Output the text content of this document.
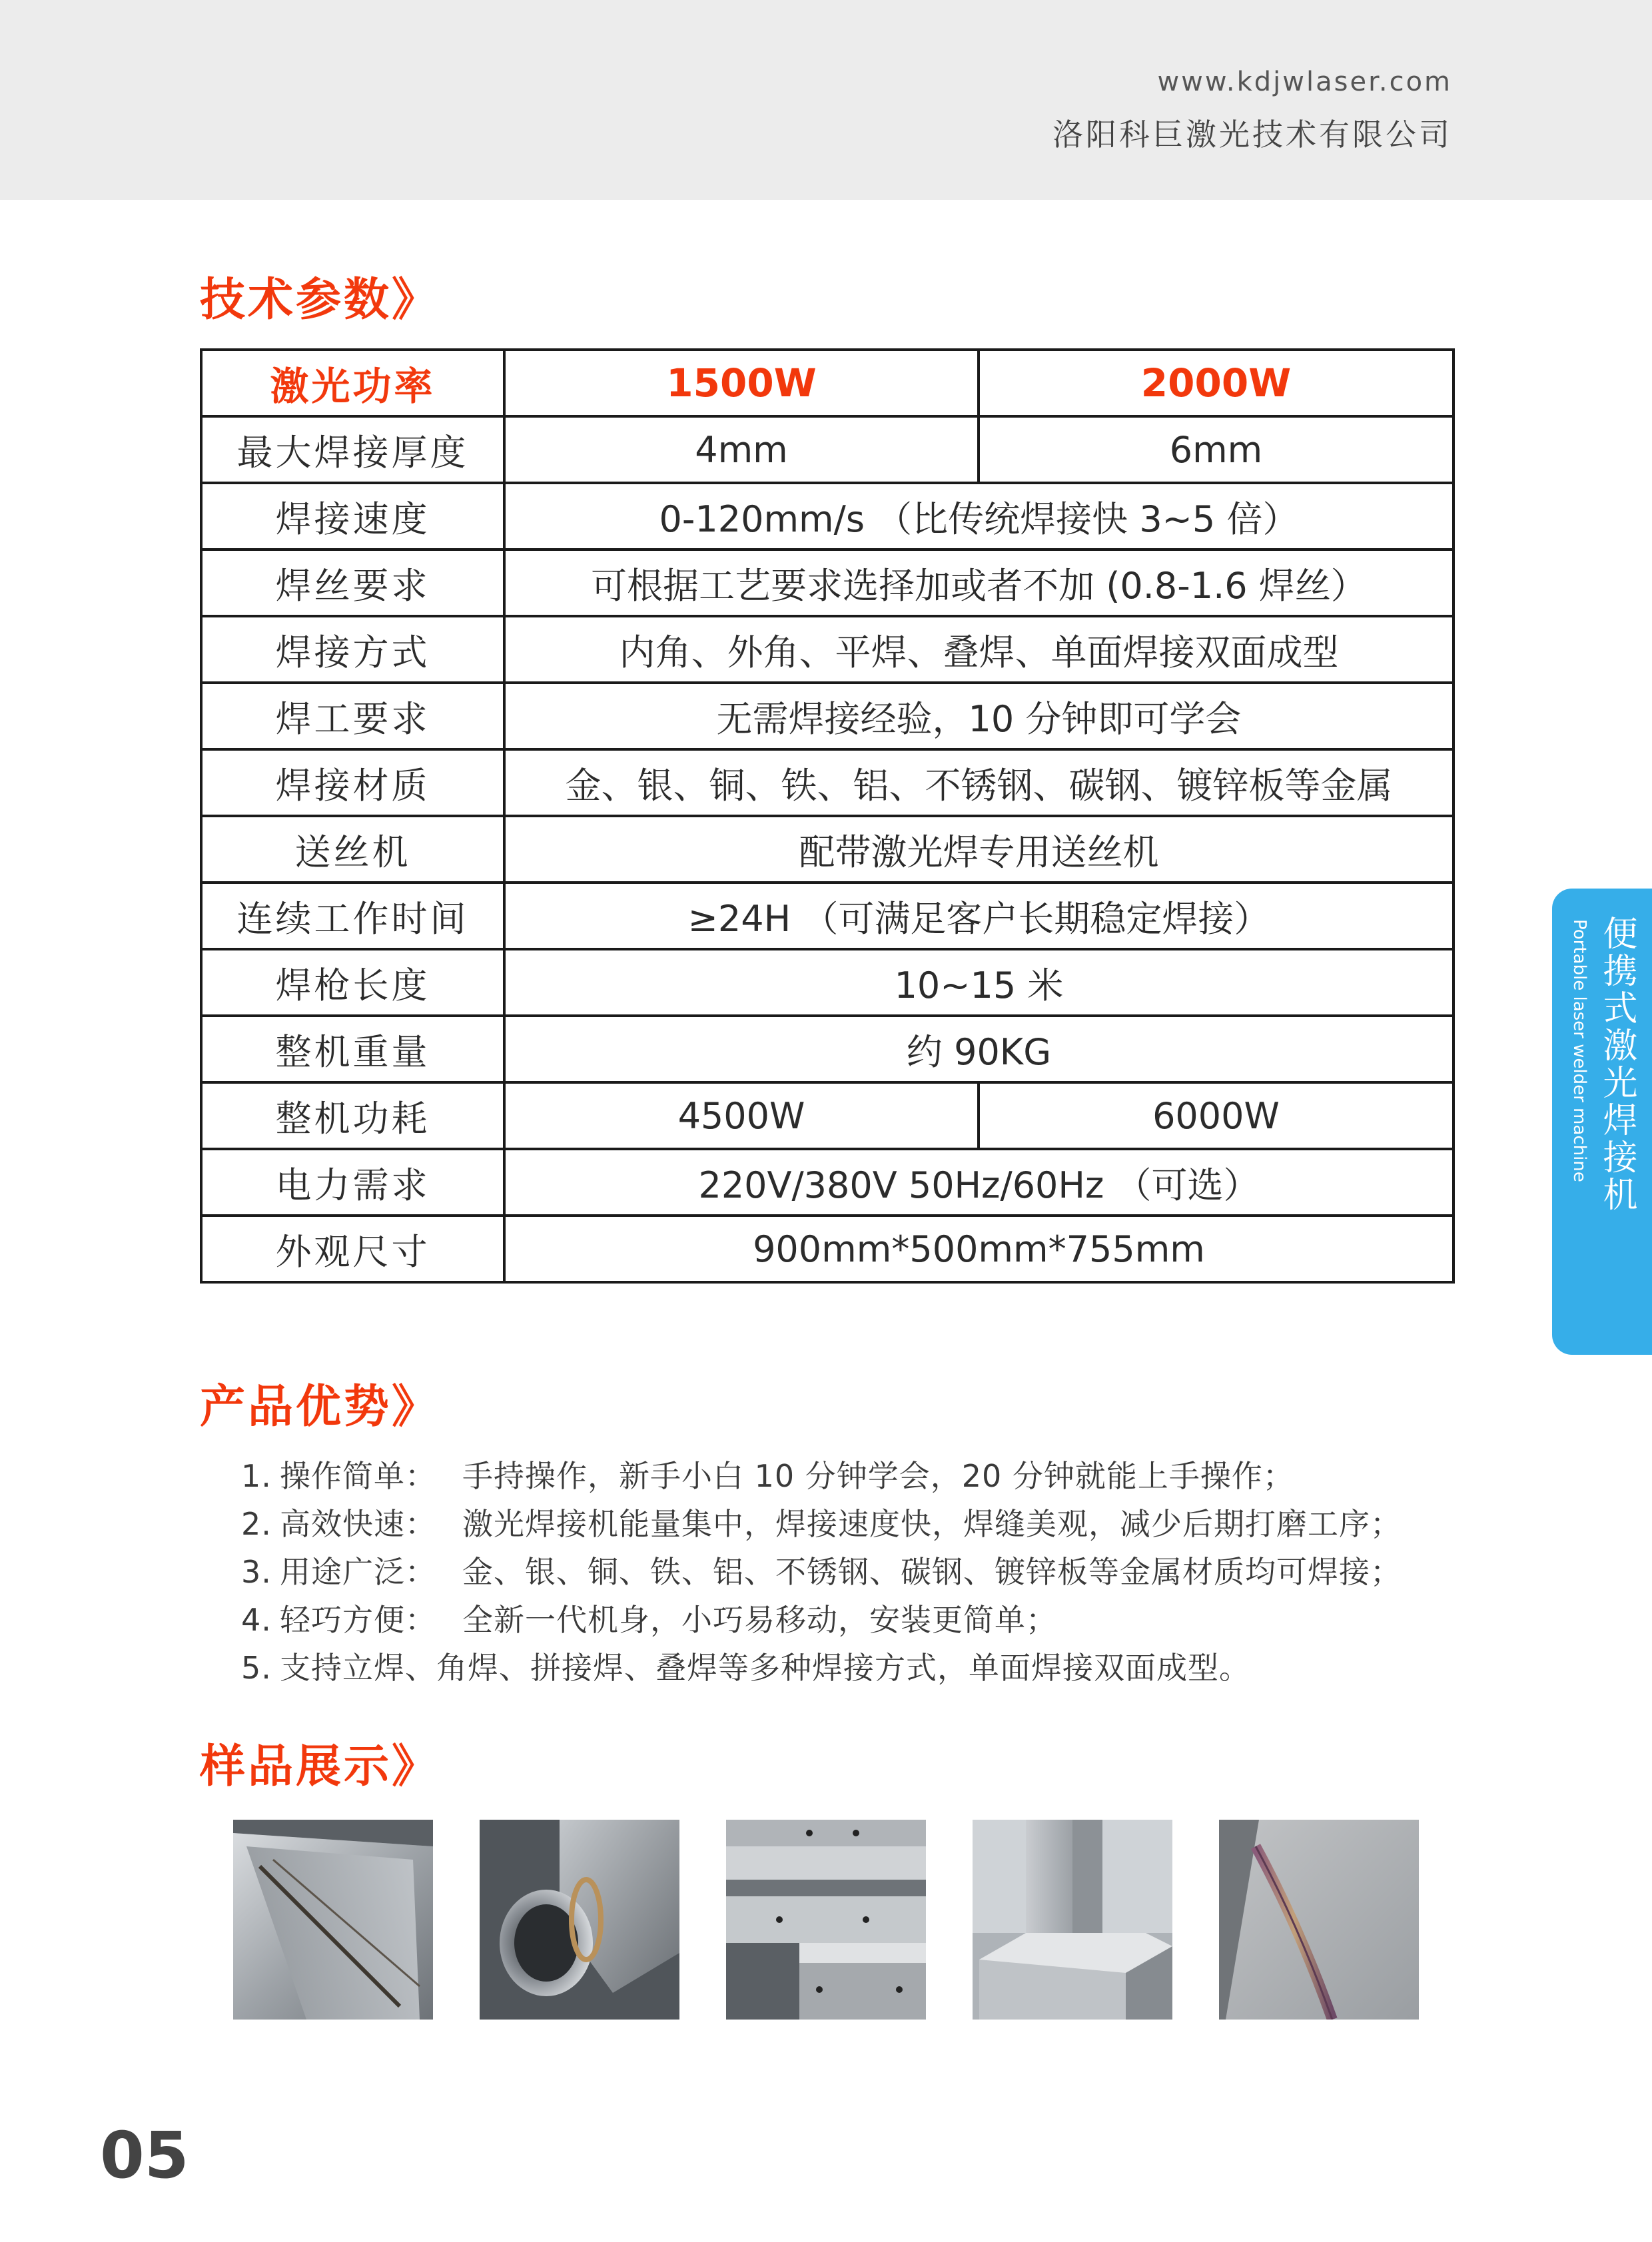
www.kdjwlaser.com
洛阳科巨激光技术有限公司
技术参数》
激光功率	1500W	2000W
最大焊接厚度	4mm	6mm
焊接速度	0-120mm/s （比传统焊接快 3~5 倍）	
焊丝要求	可根据工艺要求选择加或者不加 (0.8-1.6 焊丝）	
焊接方式	内角、外角、平焊、叠焊、单面焊接双面成型	
焊工要求	无需焊接经验，10 分钟即可学会	
焊接材质	金、银、铜、铁、铝、不锈钢、碳钢、镀锌板等金属	
送丝机	配带激光焊专用送丝机	
连续工作时间	≥24H （可满足客户长期稳定焊接）	
焊枪长度	10~15 米	
整机重量	约 90KG	
整机功耗	4500W	6000W
电力需求	220V/380V 50Hz/60Hz （可选）	
外观尺寸	900mm*500mm*755mm	
产品优势》
1. 操作简单： 手持操作，新手小白 10 分钟学会，20 分钟就能上手操作；
2. 高效快速： 激光焊接机能量集中，焊接速度快，焊缝美观，减少后期打磨工序；
3. 用途广泛： 金、银、铜、铁、铝、不锈钢、碳钢、镀锌板等金属材质均可焊接；
4. 轻巧方便： 全新一代机身，小巧易移动，安装更简单；
5. 支持立焊、角焊、拼接焊、叠焊等多种焊接方式，单面焊接双面成型。
样品展示》
便携式激光焊接机
Portable laser welder machine
05
